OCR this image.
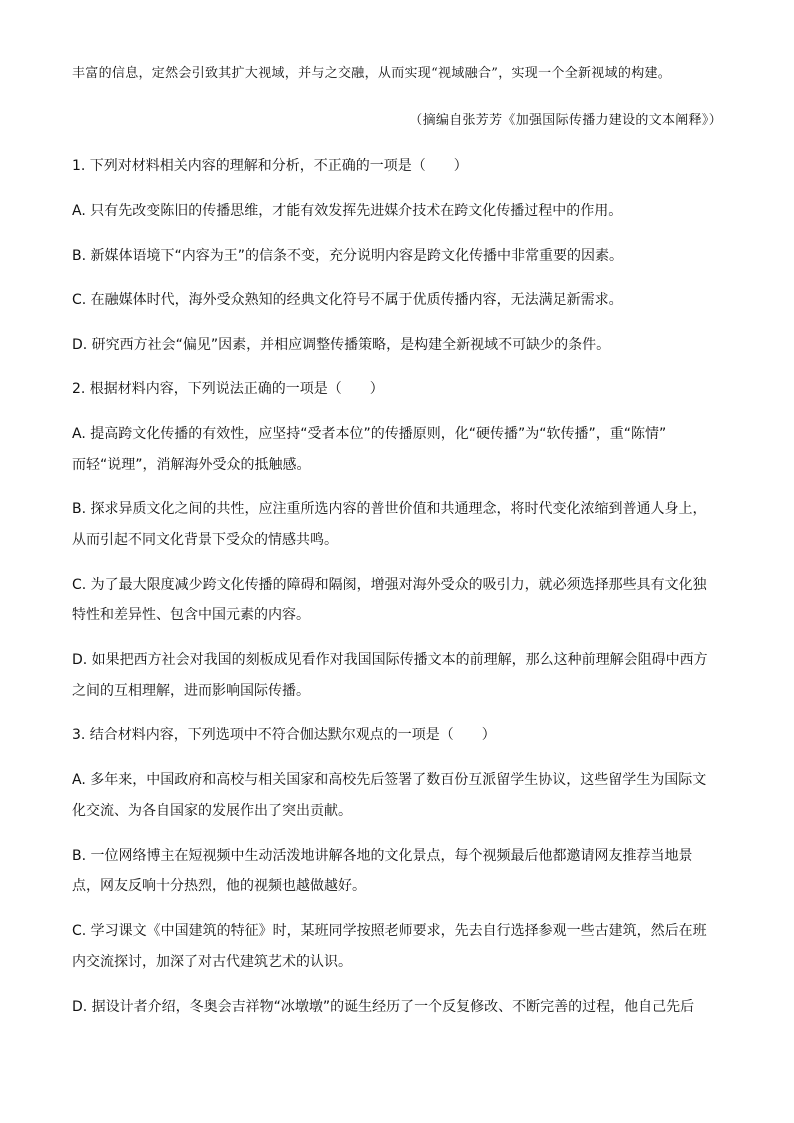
丰富的信息，定然会引致其扩大视域，并与之交融，从而实现“视域融合”，实现一个全新视域的构建。
（摘编自张芳芳《加强国际传播力建设的文本阐释》）
1. 下列对材料相关内容的理解和分析，不正确的一项是（　　）
A. 只有先改变陈旧的传播思维，才能有效发挥先进媒介技术在跨文化传播过程中的作用。
B. 新媒体语境下“内容为王”的信条不变，充分说明内容是跨文化传播中非常重要的因素。
C. 在融媒体时代，海外受众熟知的经典文化符号不属于优质传播内容，无法满足新需求。
D. 研究西方社会“偏见”因素，并相应调整传播策略，是构建全新视域不可缺少的条件。
2. 根据材料内容，下列说法正确的一项是（　　）
A. 提高跨文化传播的有效性，应坚持“受者本位”的传播原则，化“硬传播”为“软传播”，重“陈情”
而轻“说理”，消解海外受众的抵触感。
B. 探求异质文化之间的共性，应注重所选内容的普世价值和共通理念，将时代变化浓缩到普通人身上，
从而引起不同文化背景下受众的情感共鸣。
C. 为了最大限度减少跨文化传播的障碍和隔阂，增强对海外受众的吸引力，就必须选择那些具有文化独
特性和差异性、包含中国元素的内容。
D. 如果把西方社会对我国的刻板成见看作对我国国际传播文本的前理解，那么这种前理解会阻碍中西方
之间的互相理解，进而影响国际传播。
3. 结合材料内容，下列选项中不符合伽达默尔观点的一项是（　　）
A. 多年来，中国政府和高校与相关国家和高校先后签署了数百份互派留学生协议，这些留学生为国际文
化交流、为各自国家的发展作出了突出贡献。
B. 一位网络博主在短视频中生动活泼地讲解各地的文化景点，每个视频最后他都邀请网友推荐当地景
点，网友反响十分热烈，他的视频也越做越好。
C. 学习课文《中国建筑的特征》时，某班同学按照老师要求，先去自行选择参观一些古建筑，然后在班
内交流探讨，加深了对古代建筑艺术的认识。
D. 据设计者介绍，冬奥会吉祥物“冰墩墩”的诞生经历了一个反复修改、不断完善的过程，他自己先后
